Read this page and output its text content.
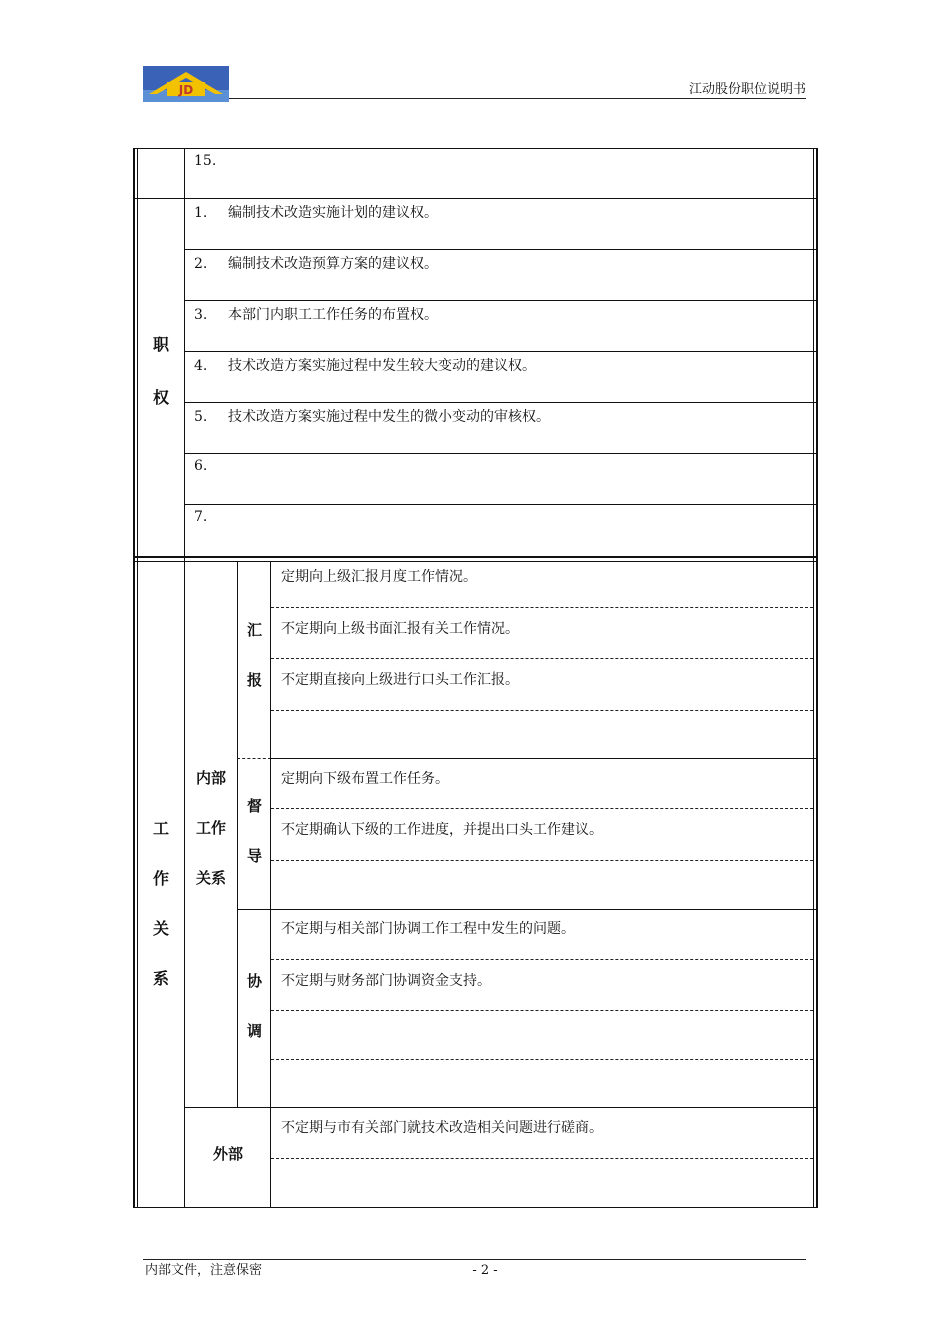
JD	江动股份职位说明书
15.
职
权
1. 编制技术改造实施计划的建议权。
2. 编制技术改造预算方案的建议权。
3. 本部门内职工工作任务的布置权。
4. 技术改造方案实施过程中发生较大变动的建议权。
5. 技术改造方案实施过程中发生的微小变动的审核权。
6.
7.
工
作
关
系
内部
工作
关系
汇
报
督
导
协
调
外部
定期向上级汇报月度工作情况。
不定期向上级书面汇报有关工作情况。
不定期直接向上级进行口头工作汇报。
定期向下级布置工作任务。
不定期确认下级的工作进度，并提出口头工作建议。
不定期与相关部门协调工作工程中发生的问题。
不定期与财务部门协调资金支持。
不定期与市有关部门就技术改造相关问题进行磋商。
内部文件，注意保密	- 2 -
